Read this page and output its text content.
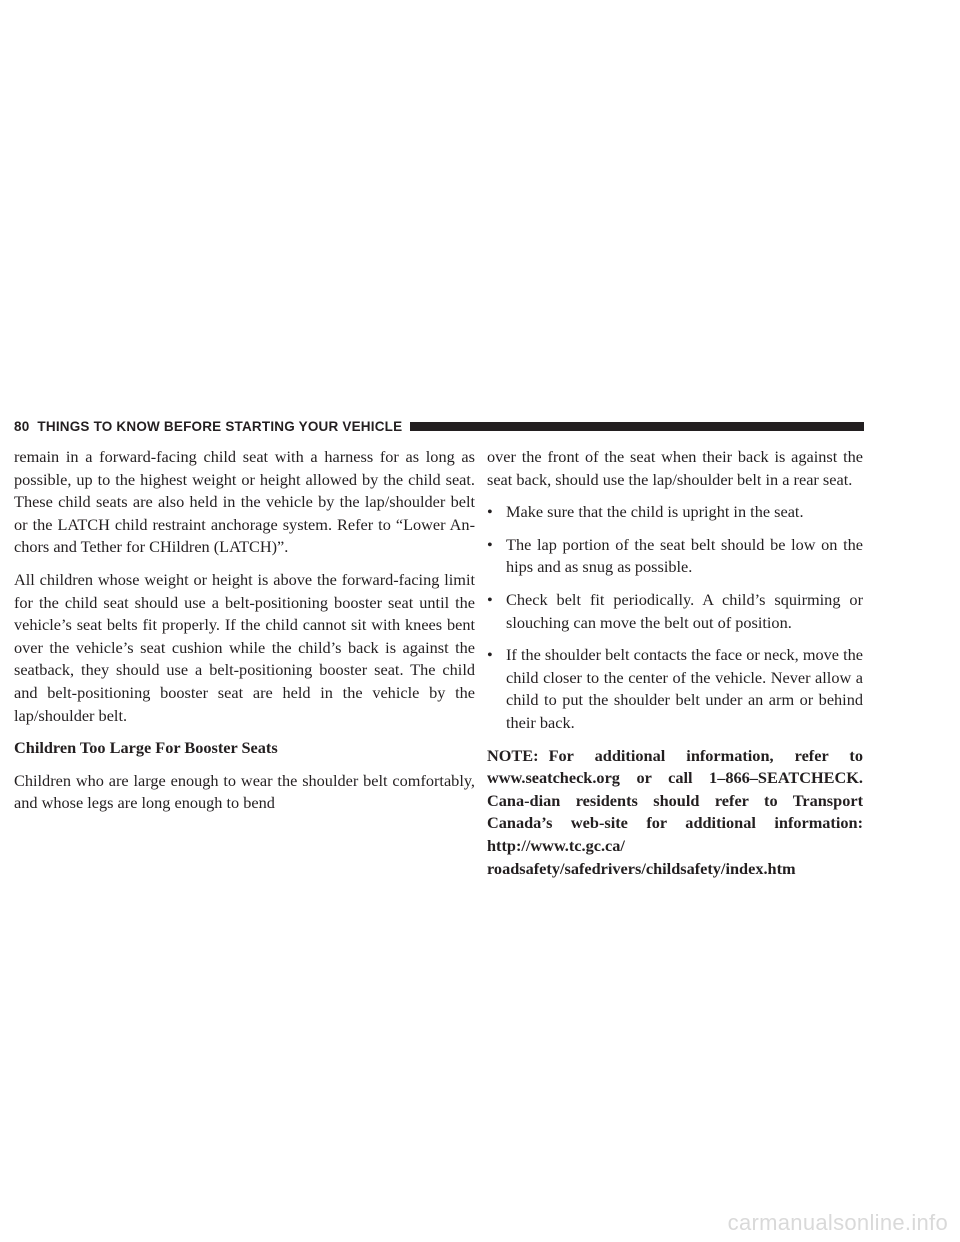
80 THINGS TO KNOW BEFORE STARTING YOUR VEHICLE

remain in a forward-facing child seat with a harness for as long as possible, up to the highest weight or height allowed by the child seat. These child seats are also held in the vehicle by the lap/shoulder belt or the LATCH child restraint anchorage system. Refer to “Lower An-chors and Tether for CHildren (LATCH)”.

All children whose weight or height is above the forward-facing limit for the child seat should use a belt-positioning booster seat until the vehicle’s seat belts fit properly. If the child cannot sit with knees bent over the vehicle’s seat cushion while the child’s back is against the seatback, they should use a belt-positioning booster seat. The child and belt-positioning booster seat are held in the vehicle by the lap/shoulder belt.

Children Too Large For Booster Seats

Children who are large enough to wear the shoulder belt comfortably, and whose legs are long enough to bend

over the front of the seat when their back is against the seat back, should use the lap/shoulder belt in a rear seat.

• Make sure that the child is upright in the seat.
• The lap portion of the seat belt should be low on the hips and as snug as possible.
• Check belt fit periodically. A child’s squirming or slouching can move the belt out of position.
• If the shoulder belt contacts the face or neck, move the child closer to the center of the vehicle. Never allow a child to put the shoulder belt under an arm or behind their back.

NOTE: For additional information, refer to www.seatcheck.org or call 1–866–SEATCHECK. Cana-dian residents should refer to Transport Canada’s web-site for additional information: http://www.tc.gc.ca/ roadsafety/safedrivers/childsafety/index.htm

carmanualsonline.info
